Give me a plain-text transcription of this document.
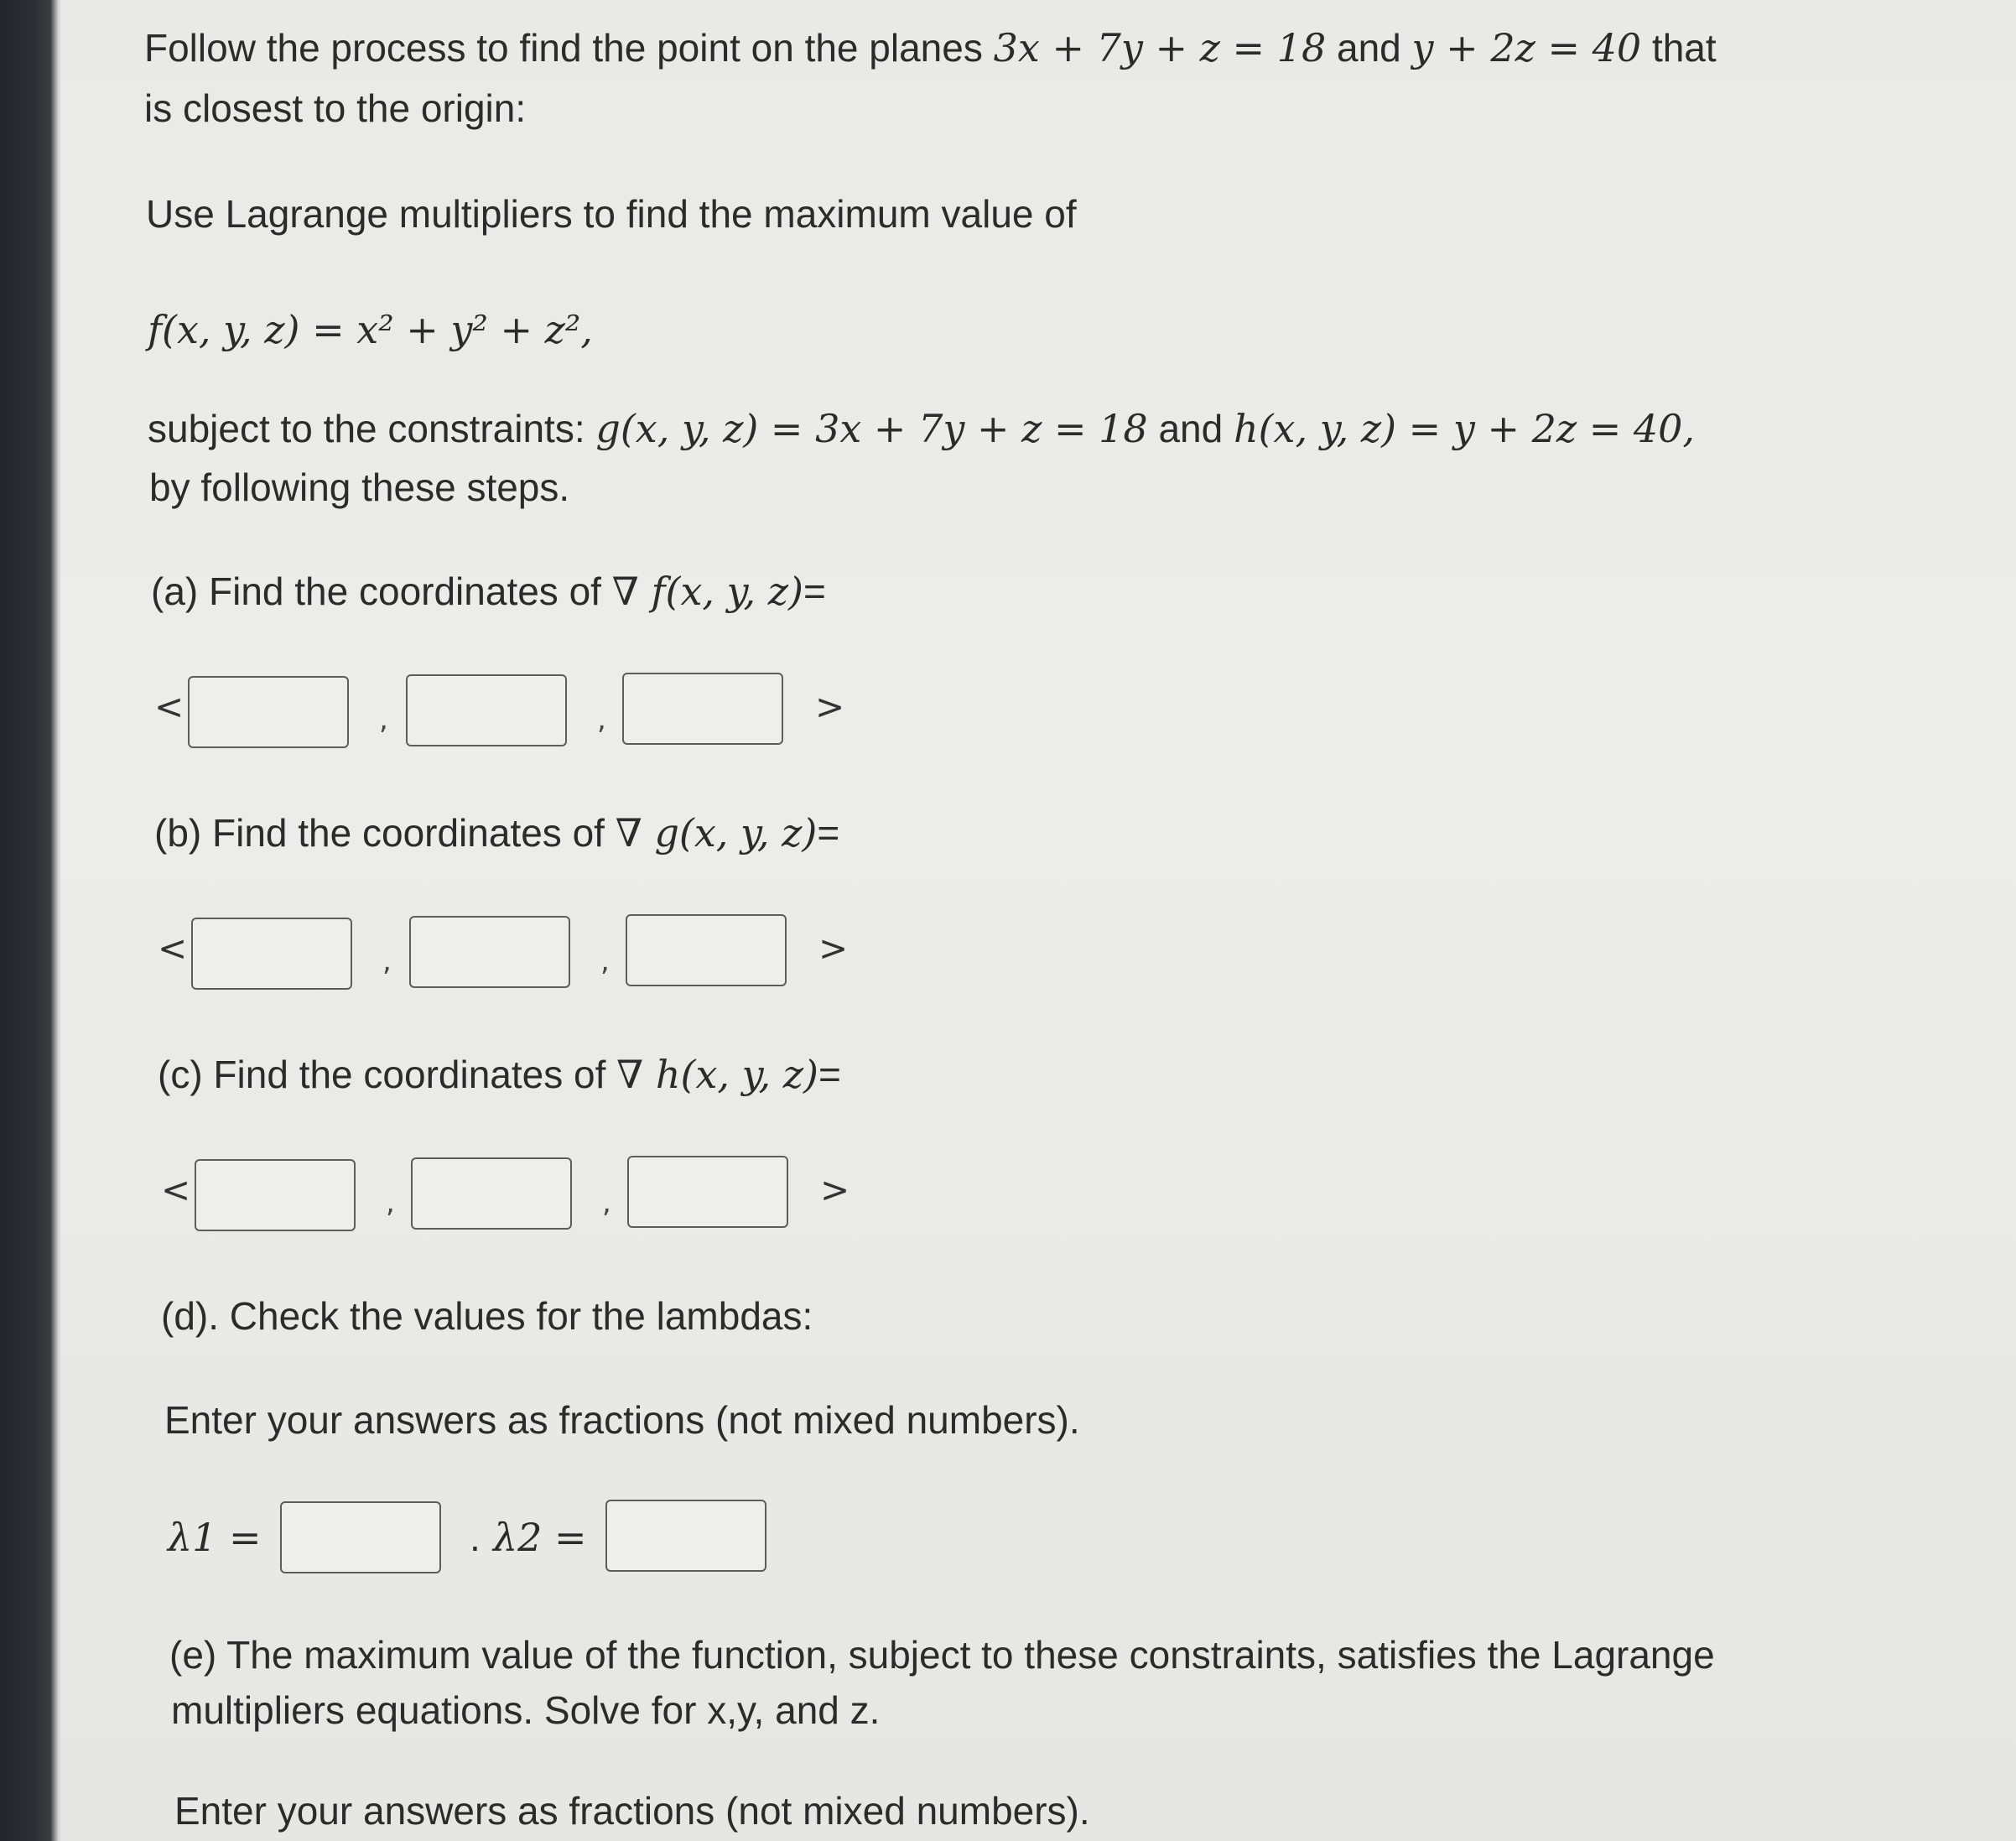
Follow the process to find the point on the planes 3x + 7y + z = 18 and y + 2z = 40 that
is closest to the origin:
Use Lagrange multipliers to find the maximum value of
f(x, y, z) = x² + y² + z²,
subject to the constraints: g(x, y, z) = 3x + 7y + z = 18 and h(x, y, z) = y + 2z = 40,
by following these steps.
(a) Find the coordinates of ∇ f(x, y, z)=
<	,	,	>
(b) Find the coordinates of ∇ g(x, y, z)=
<	,	,	>
(c) Find the coordinates of ∇ h(x, y, z)=
<	,	,	>
(d). Check the values for the lambdas:
Enter your answers as fractions (not mixed numbers).
λ1 =	. λ2 =
(e) The maximum value of the function, subject to these constraints, satisfies the Lagrange
multipliers equations. Solve for x,y, and z.
Enter your answers as fractions (not mixed numbers).
